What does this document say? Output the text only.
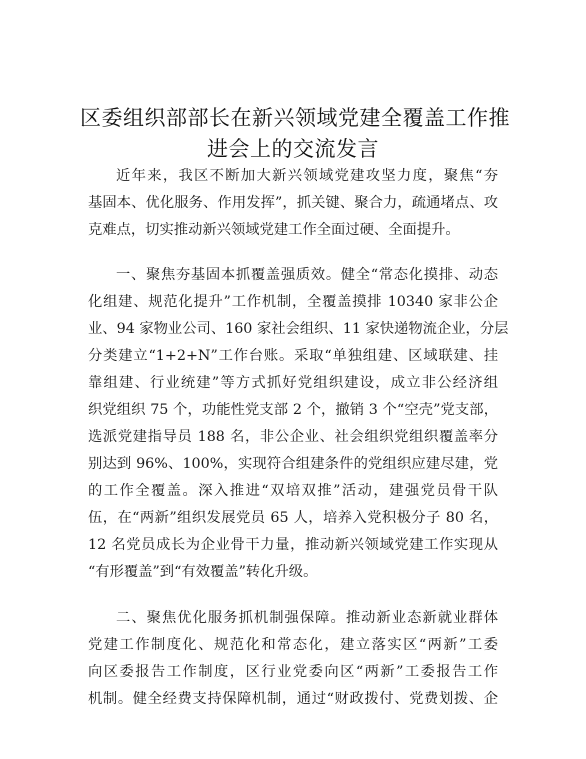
区委组织部部长在新兴领域党建全覆盖工作推
进会上的交流发言
近年来，我区不断加大新兴领域党建攻坚力度，聚焦“夯
基固本、优化服务、作用发挥”，抓关键、聚合力，疏通堵点、攻
克难点，切实推动新兴领域党建工作全面过硬、全面提升。
一、聚焦夯基固本抓覆盖强质效。健全“常态化摸排、动态
化组建、规范化提升”工作机制，全覆盖摸排 10340 家非公企
业、94 家物业公司、160 家社会组织、11 家快递物流企业，分层
分类建立“1+2+N”工作台账。采取“单独组建、区域联建、挂
靠组建、行业统建”等方式抓好党组织建设，成立非公经济组
织党组织 75 个，功能性党支部 2 个，撤销 3 个“空壳”党支部，
选派党建指导员 188 名，非公企业、社会组织党组织覆盖率分
别达到 96%、100%，实现符合组建条件的党组织应建尽建，党
的工作全覆盖。深入推进“双培双推”活动，建强党员骨干队
伍，在“两新”组织发展党员 65 人，培养入党积极分子 80 名，
12 名党员成长为企业骨干力量，推动新兴领域党建工作实现从
“有形覆盖”到“有效覆盖”转化升级。
二、聚焦优化服务抓机制强保障。推动新业态新就业群体
党建工作制度化、规范化和常态化，建立落实区“两新”工委
向区委报告工作制度，区行业党委向区“两新”工委报告工作
机制。健全经费支持保障机制，通过“财政拨付、党费划拨、企
